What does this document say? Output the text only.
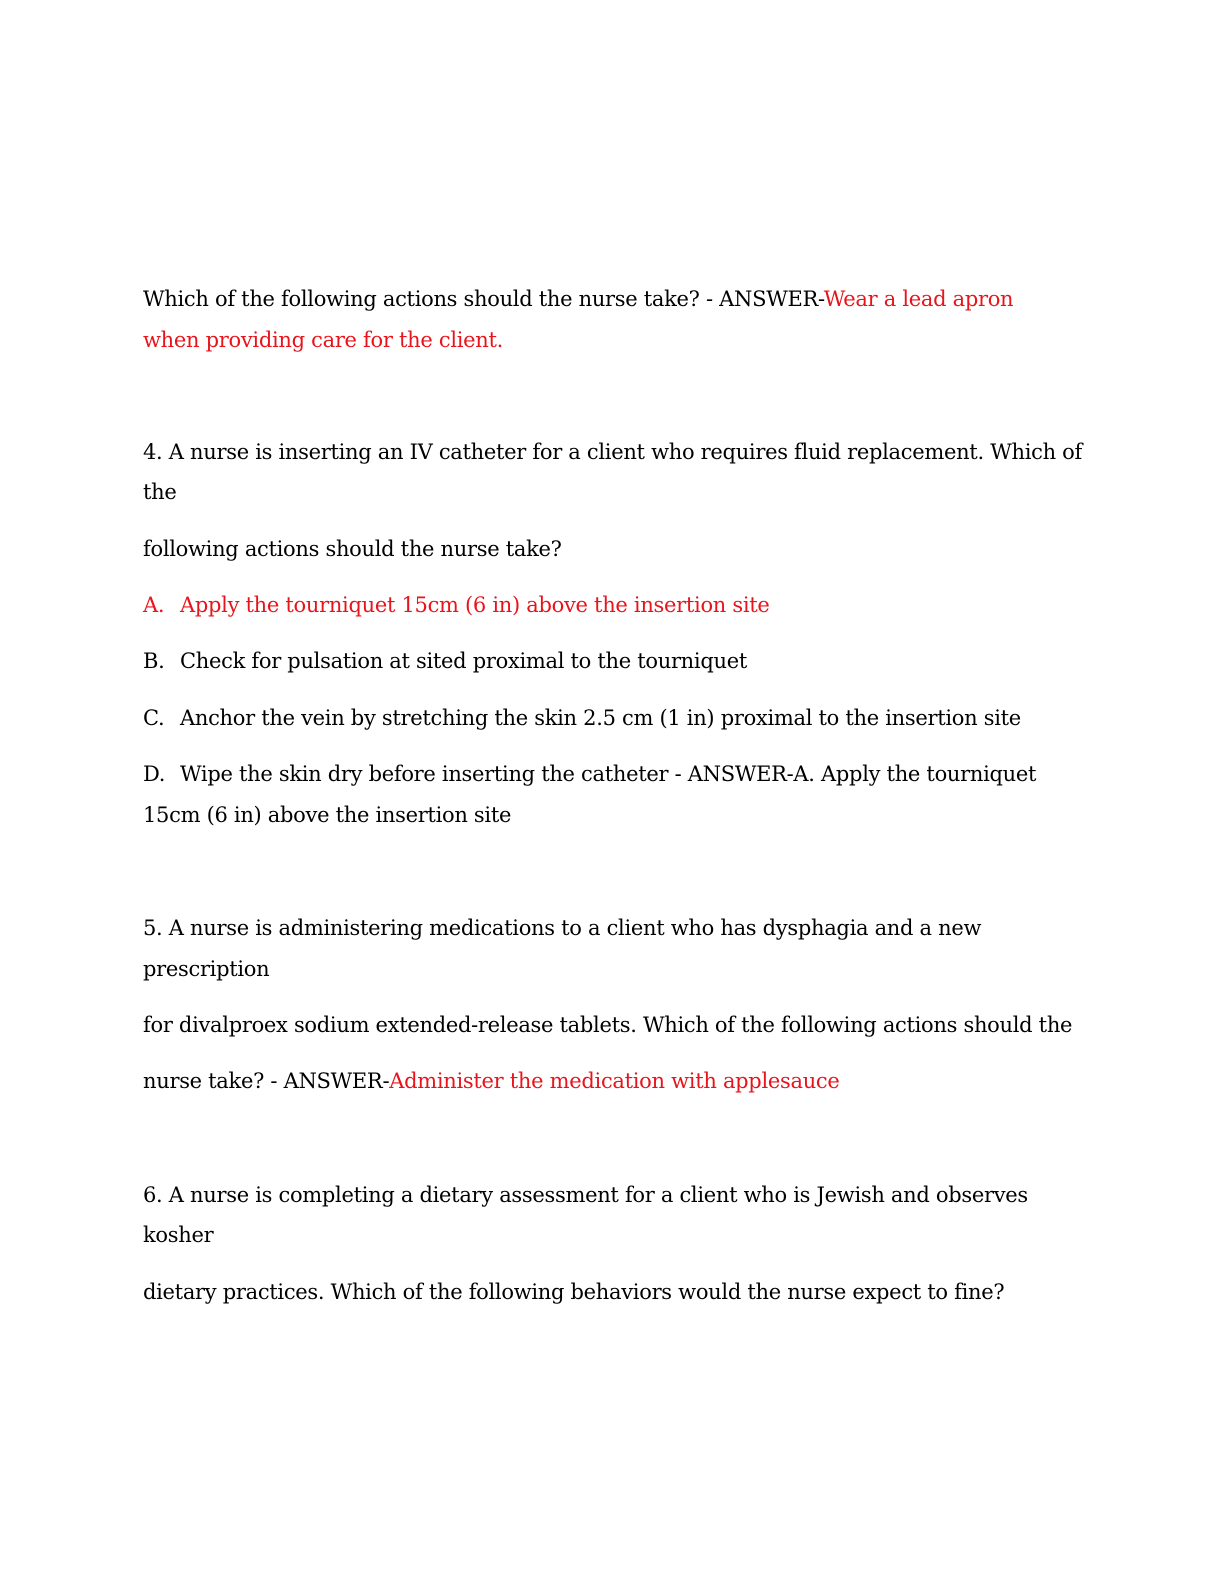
Which of the following actions should the nurse take? - ANSWER-Wear a lead apron
when providing care for the client.
4. A nurse is inserting an IV catheter for a client who requires fluid replacement. Which of
the
following actions should the nurse take?
A. Apply the tourniquet 15cm (6 in) above the insertion site
B. Check for pulsation at sited proximal to the tourniquet
C. Anchor the vein by stretching the skin 2.5 cm (1 in) proximal to the insertion site
D. Wipe the skin dry before inserting the catheter - ANSWER-A. Apply the tourniquet
15cm (6 in) above the insertion site
5. A nurse is administering medications to a client who has dysphagia and a new
prescription
for divalproex sodium extended-release tablets. Which of the following actions should the
nurse take? - ANSWER-Administer the medication with applesauce
6. A nurse is completing a dietary assessment for a client who is Jewish and observes
kosher
dietary practices. Which of the following behaviors would the nurse expect to fine?
